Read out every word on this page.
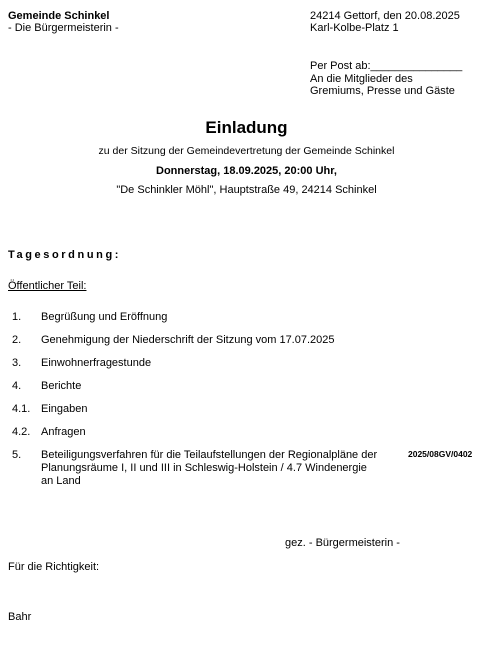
Gemeinde Schinkel
- Die Bürgermeisterin -
24214 Gettorf, den 20.08.2025
Karl-Kolbe-Platz 1
Per Post ab:_______________
An die Mitglieder des
Gremiums, Presse und Gäste
Einladung
zu der Sitzung der Gemeindevertretung der Gemeinde Schinkel
Donnerstag, 18.09.2025, 20:00 Uhr,
"De Schinkler Möhl", Hauptstraße 49, 24214 Schinkel
Tagesordnung:
Öffentlicher Teil:
1. Begrüßung und Eröffnung
2. Genehmigung der Niederschrift der Sitzung vom 17.07.2025
3. Einwohnerfragestunde
4. Berichte
4.1. Eingaben
4.2. Anfragen
5. Beteiligungsverfahren für die Teilaufstellungen der Regionalpläne der Planungsräume I, II und III in Schleswig-Holstein / 4.7 Windenergie an Land
2025/08GV/0402
gez. - Bürgermeisterin -
Für die Richtigkeit:
Bahr
